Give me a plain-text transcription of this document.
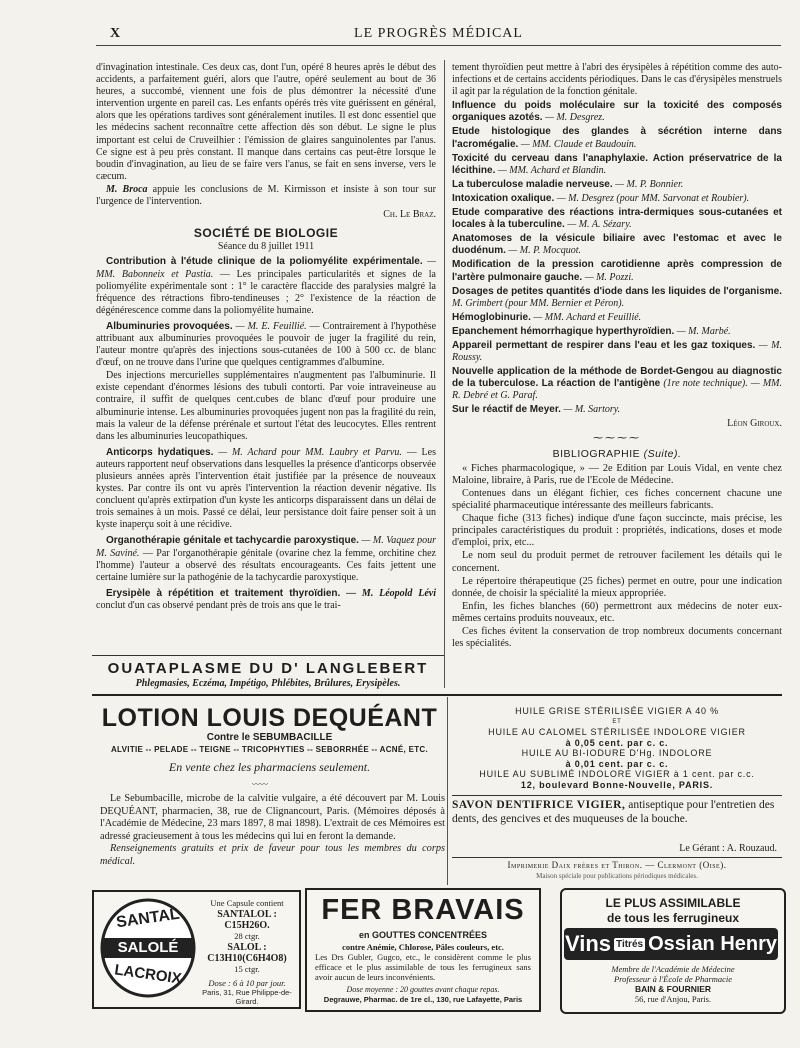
X	LE PROGRÈS MÉDICAL

d'invagination intestinale. Ces deux cas, dont l'un, opéré 8 heures après le début des accidents, a parfaitement guéri, alors que l'autre, opéré seulement au bout de 36 heures, a succombé, viennent une fois de plus démontrer la nécessité d'une intervention urgente en pareil cas. Les enfants opérés très vite guérissent en général, alors que les opérations tardives sont généralement inutiles. Il est donc essentiel que les médecins sachent reconnaître cette affection dès son début. Le signe le plus important est celui de Cruveilhier : l'émission de glaires sanguinolentes par l'anus. Ce signe est à peu près constant. Il manque dans certains cas peut-être lorsque le boudin d'invagination, au lieu de se faire vers l'anus, se fait en sens inverse, vers le cæcum.

M. Broca appuie les conclusions de M. Kirmisson et insiste à son tour sur l'urgence de l'intervention.

Ch. Le Braz.
SOCIÉTÉ DE BIOLOGIE
Séance du 8 juillet 1911

Contribution à l'étude clinique de la poliomyélite expérimentale. — MM. Babonneix et Pastia. — Les principales particularités et signes de la poliomyélite expérimentale sont : 1° le caractère flaccide des paralysies malgré la fréquence des rétractions fibro-tendineuses ; 2° l'existence de la réaction de dégénérescence comme dans la poliomyélite humaine.

Albuminuries provoquées. — M. E. Feuillié. — Contrairement à l'hypothèse attribuant aux albuminuries provoquées le pouvoir de juger la fragilité du rein, l'auteur montre qu'après des injections sous-cutanées de 100 à 500 cc. de blanc d'œuf, on ne trouve dans l'urine que quelques centigrammes d'albumine.

Des injections mercurielles supplémentaires n'augmentent pas l'albuminurie. Il existe cependant d'énormes lésions des tubuli contorti. Par voie intraveineuse au contraire, il suffit de quelques cent.cubes de blanc d'œuf pour produire une albuminurie intense. Les albuminuries provoquées jugent non pas la fragilité du rein, mais la valeur de la défense prérénale et surtout l'état des leucocytes. Elles rentrent dans les albuminuries leucopathiques.

Anticorps hydatiques. — M. Achard pour MM. Laubry et Parvu. — Les auteurs rapportent neuf observations dans lesquelles la présence d'anticorps observée plusieurs années après l'intervention était justifiée par la présence de nouveaux kystes. Par contre ils ont vu après l'intervention la réaction devenir négative. Ils concluent qu'après extirpation d'un kyste les anticorps disparaissent dans un délai de trois semaines à un mois. Passé ce délai, leur persistance doit faire penser soit à un kyste inaperçu soit à une récidive.

Organothérapie génitale et tachycardie paroxystique. — M. Vaquez pour M. Saviné. — Par l'organothérapie génitale (ovarine chez la femme, orchitine chez l'homme) l'auteur a observé des résultats encourageants. Ces faits jettent une certaine lumière sur la pathogénie de la tachycardie paroxystique.

Erysipèle à répétition et traitement thyroïdien. — M. Léopold Lévi conclut d'un cas observé pendant près de trois ans que le trai-

tement thyroïdien peut mettre à l'abri des érysipèles à répétition comme des auto-infections et de certains accidents périodiques. Dans le cas d'érysipèles menstruels il agit par la régulation de la fonction génitale.

Influence du poids moléculaire sur la toxicité des composés organiques azotés. — M. Desgrez.

Etude histologique des glandes à sécrétion interne dans l'acromégalie. — MM. Claude et Baudouin.

Toxicité du cerveau dans l'anaphylaxie. Action préservatrice de la lécithine. — MM. Achard et Blandin.

La tuberculose maladie nerveuse. — M. P. Bonnier.

Intoxication oxalique. — M. Desgrez (pour MM. Sarvonat et Roubier).

Etude comparative des réactions intra-dermiques sous-cutanées et locales à la tuberculine. — M. A. Sézary.

Anatomoses de la vésicule biliaire avec l'estomac et avec le duodénum. — M. P. Mocquot.

Modification de la pression carotidienne après compression de l'artère pulmonaire gauche. — M. Pozzi.

Dosages de petites quantités d'iode dans les liquides de l'organisme. M. Grimbert (pour MM. Bernier et Péron).

Hémoglobinurie. — MM. Achard et Feuillié.

Epanchement hémorrhagique hyperthyroïdien. — M. Marbé.

Appareil permettant de respirer dans l'eau et les gaz toxiques. — M. Roussy.

Nouvelle application de la méthode de Bordet-Gengou au diagnostic de la tuberculose. La réaction de l'antigène (1re note technique). — MM. R. Debré et G. Paraf.

Sur le réactif de Meyer. — M. Sartory.

Léon Giroux.
⁓⁓⁓⁓
BIBLIOGRAPHIE (Suite).

« Fiches pharmacologique, » — 2e Edition par Louis Vidal, en vente chez Maloine, libraire, à Paris, rue de l'Ecole de Médecine.

Contenues dans un élégant fichier, ces fiches concernent chacune une spécialité pharmaceutique intéressante des meilleurs fabricants.

Chaque fiche (313 fiches) indique d'une façon succincte, mais précise, les principales caractéristiques du produit : propriétés, indications, doses et mode d'emploi, prix, etc...

Le nom seul du produit permet de retrouver facilement les détails qui le concernent.

Le répertoire thérapeutique (25 fiches) permet en outre, pour une indication donnée, de choisir la spécialité la mieux appropriée.

Enfin, les fiches blanches (60) permettront aux médecins de noter eux-mêmes certains produits nouveaux, etc.

Ces fiches évitent la conservation de trop nombreux documents concernant les spécialités.

OUATAPLASME DU D' LANGLEBERT
Phlegmasies, Eczéma, Impétigo, Phlébites, Brûlures, Erysipèles.
LOTION LOUIS DEQUÉANT
Contre le SEBUMBACILLE
ALVITIE -- PELADE -- TEIGNE -- TRICOPHYTIES -- SEBORRHÉE -- ACNÉ, ETC.
En vente chez les pharmaciens seulement.
〰〰

Le Sebumbacille, microbe de la calvitie vulgaire, a été découvert par M. Louis DEQUÉANT, pharmacien, 38, rue de Clignancourt, Paris. (Mémoires déposés à l'Académie de Médecine, 23 mars 1897, 8 mai 1898). L'extrait de ces Mémoires est adressé gracieusement à tous les médecins qui lui en feront la demande.

Renseignements gratuits et prix de faveur pour tous les membres du corps médical.

HUILE GRISE STÉRILISÉE VIGIER A 40 %
ET
HUILE AU CALOMEL STÉRILISÉE INDOLORE VIGIER
à 0,05 cent. par c. c.
HUILE AU BI-IODURE D'Hg. INDOLORE
à 0,01 cent. par c. c.
HUILE AU SUBLIMÉ INDOLORE VIGIER à 1 cent. par c.c.
12, boulevard Bonne-Nouvelle, PARIS.
SAVON DENTIFRICE VIGIER, antiseptique pour l'entretien des dents, des gencives et des muqueuses de la bouche.
Le Gérant : A. Rouzaud.
Imprimerie Daix frères et Thiron. — Clermont (Oise).
Maison spéciale pour publications périodiques médicales.
SANTAL
SALOLÉ
LACROIX
Une Capsule contient
SANTALOL : C15H26O.
28 ctgr.
SALOL : C13H10(C6H4O8)
15 ctgr.
Dose : 6 à 10 par jour.
Paris, 31, Rue Philippe-de-Girard.
FER BRAVAIS
en GOUTTES CONCENTRÉES
contre Anémie, Chlorose, Pâles couleurs, etc.
Les Drs Gubler, Gugco, etc., le considèrent comme le plus efficace et le plus assimilable de tous les ferrugineux sans avoir aucun de leurs inconvénients.
Dose moyenne : 20 gouttes avant chaque repas.
Degrauwe, Pharmac. de 1re cl., 130, rue Lafayette, Paris
LE PLUS ASSIMILABLE
de tous les ferrugineux
Vins Titrés Ossian Henry
Membre de l'Académie de Médecine
Professeur à l'École de Pharmacie
BAIN & FOURNIER
56, rue d'Anjou, Paris.
